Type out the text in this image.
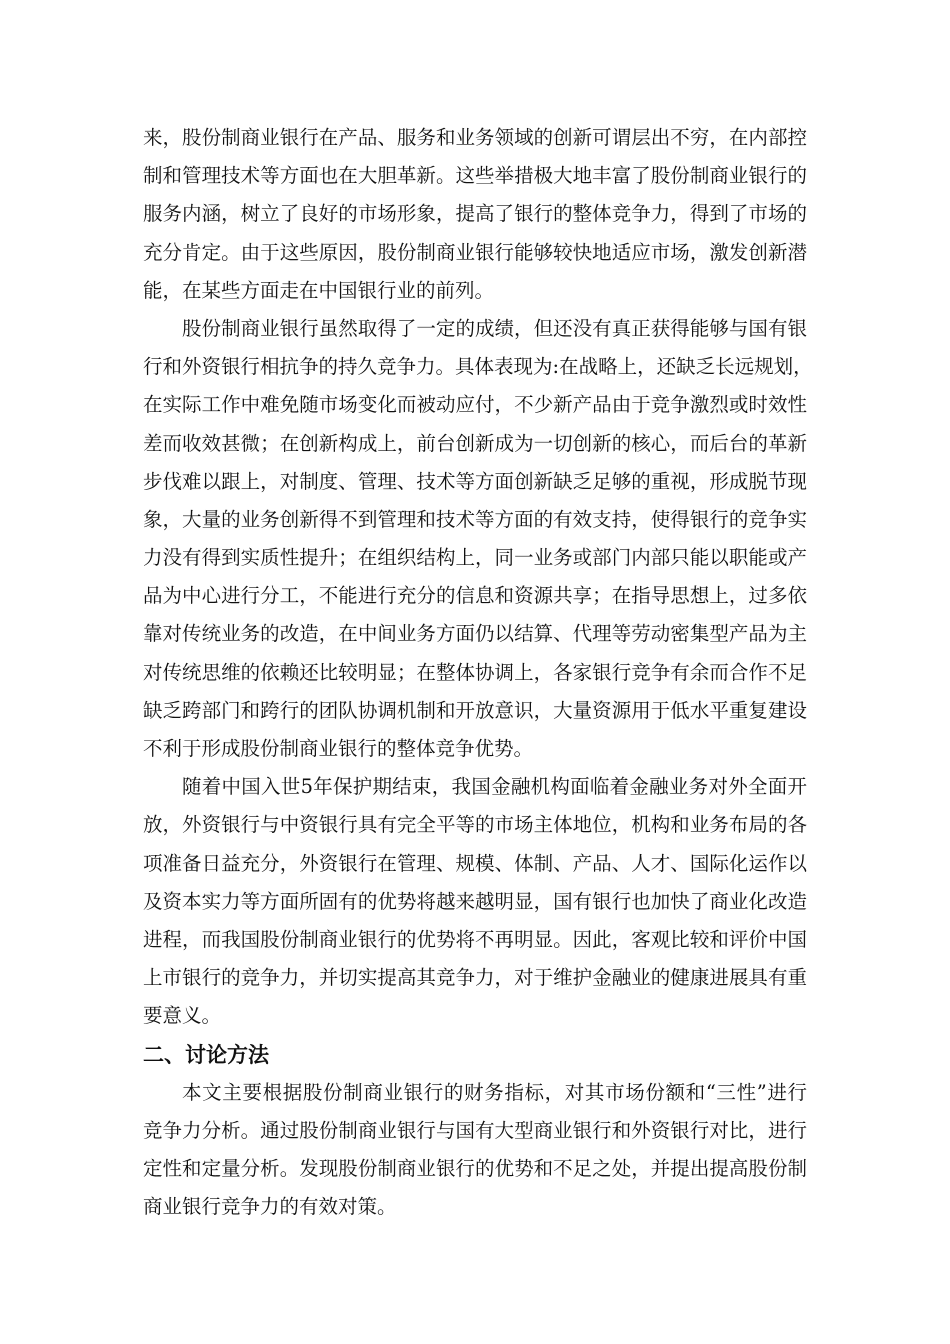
来，股份制商业银行在产品、服务和业务领域的创新可谓层出不穷，在内部控
制和管理技术等方面也在大胆革新。这些举措极大地丰富了股份制商业银行的
服务内涵，树立了良好的市场形象，提高了银行的整体竞争力，得到了市场的
充分肯定。由于这些原因，股份制商业银行能够较快地适应市场，激发创新潜
能，在某些方面走在中国银行业的前列。
股份制商业银行虽然取得了一定的成绩，但还没有真正获得能够与国有银
行和外资银行相抗争的持久竞争力。具体表现为:在战略上，还缺乏长远规划，
在实际工作中难免随市场变化而被动应付，不少新产品由于竞争激烈或时效性
差而收效甚微；在创新构成上，前台创新成为一切创新的核心，而后台的革新
步伐难以跟上，对制度、管理、技术等方面创新缺乏足够的重视，形成脱节现
象，大量的业务创新得不到管理和技术等方面的有效支持，使得银行的竞争实
力没有得到实质性提升；在组织结构上，同一业务或部门内部只能以职能或产
品为中心进行分工，不能进行充分的信息和资源共享；在指导思想上，过多依
靠对传统业务的改造，在中间业务方面仍以结算、代理等劳动密集型产品为主
对传统思维的依赖还比较明显；在整体协调上，各家银行竞争有余而合作不足
缺乏跨部门和跨行的团队协调机制和开放意识，大量资源用于低水平重复建设
不利于形成股份制商业银行的整体竞争优势。
随着中国入世5年保护期结束，我国金融机构面临着金融业务对外全面开
放，外资银行与中资银行具有完全平等的市场主体地位，机构和业务布局的各
项准备日益充分，外资银行在管理、规模、体制、产品、人才、国际化运作以
及资本实力等方面所固有的优势将越来越明显，国有银行也加快了商业化改造
进程，而我国股份制商业银行的优势将不再明显。因此，客观比较和评价中国
上市银行的竞争力，并切实提高其竞争力，对于维护金融业的健康进展具有重
要意义。
二、讨论方法
本文主要根据股份制商业银行的财务指标，对其市场份额和“三性”进行
竞争力分析。通过股份制商业银行与国有大型商业银行和外资银行对比，进行
定性和定量分析。发现股份制商业银行的优势和不足之处，并提出提高股份制
商业银行竞争力的有效对策。
